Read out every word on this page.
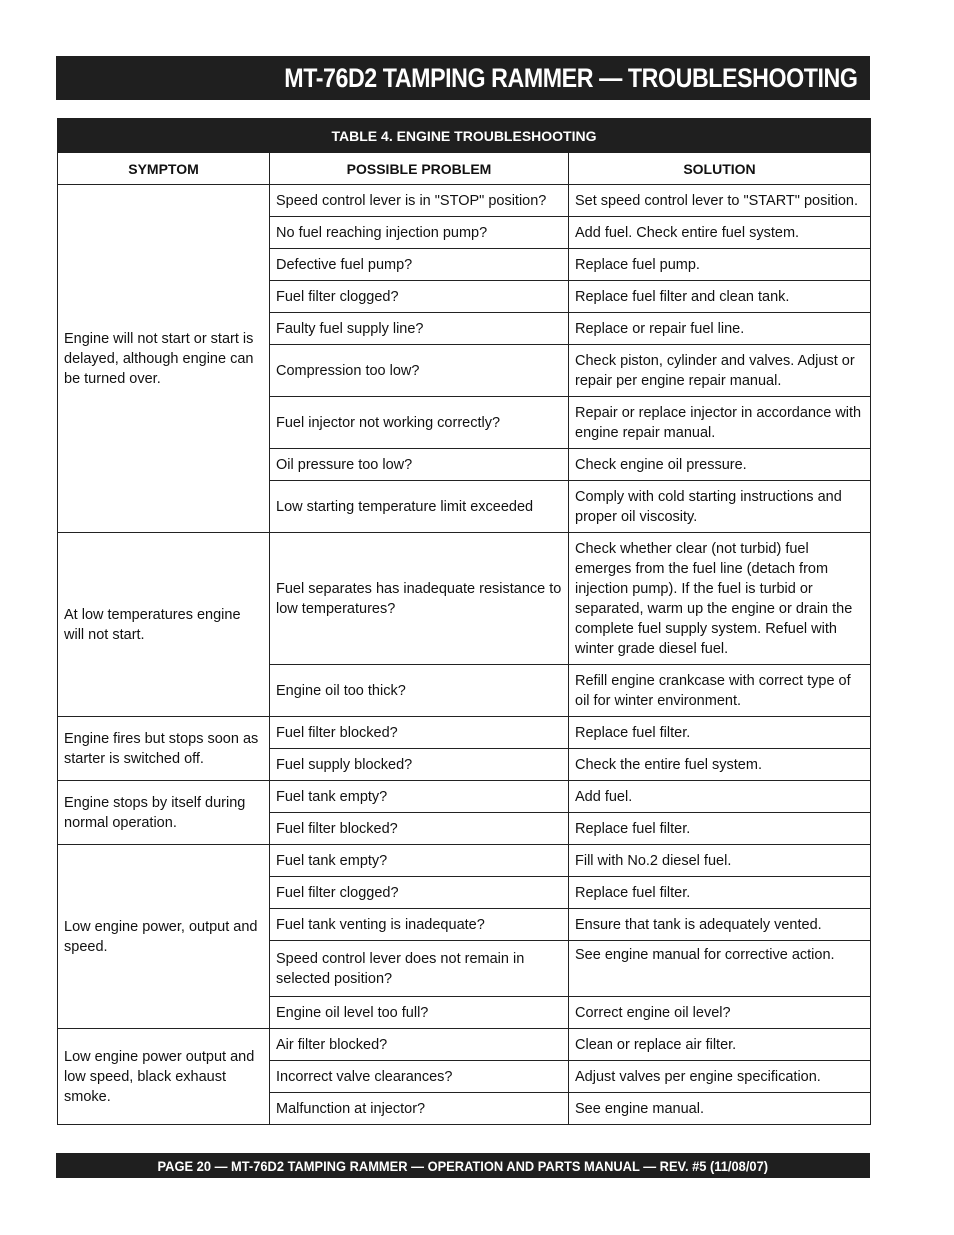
MT-76D2 TAMPING RAMMER — TROUBLESHOOTING
TABLE 4. ENGINE TROUBLESHOOTING		
SYMPTOM	POSSIBLE PROBLEM	SOLUTION
Engine will not start or start is delayed, although engine can be turned over.	Speed control lever is in "STOP" position?	Set speed control lever to "START" position.
	No fuel reaching injection pump?	Add fuel. Check entire fuel system.
	Defective fuel pump?	Replace fuel pump.
	Fuel filter clogged?	Replace fuel filter and clean tank.
	Faulty fuel supply line?	Replace or repair fuel line.
	Compression too low?	Check piston, cylinder and valves. Adjust or repair per engine repair manual.
	Fuel injector not working correctly?	Repair or replace injector in accordance with engine repair manual.
	Oil pressure too low?	Check engine oil pressure.
	Low starting temperature limit exceeded	Comply with cold starting instructions and proper oil viscosity.
At low temperatures engine will not start.	Fuel separates has inadequate resistance to low temperatures?	Check whether clear (not turbid) fuel emerges from the fuel line (detach from injection pump). If the fuel is turbid or separated, warm up the engine or drain the complete fuel supply system. Refuel with winter grade diesel fuel.
	Engine oil too thick?	Refill engine crankcase with correct type of oil for winter environment.
Engine fires but stops soon as starter is switched off.	Fuel filter blocked?	Replace fuel filter.
	Fuel supply blocked?	Check the entire fuel system.
Engine stops by itself during normal operation.	Fuel tank empty?	Add fuel.
	Fuel filter blocked?	Replace fuel filter.
Low engine power, output and speed.	Fuel tank empty?	Fill with No.2 diesel fuel.
	Fuel filter clogged?	Replace fuel filter.
	Fuel tank venting is inadequate?	Ensure that tank is adequately vented.
	Speed control lever does not remain in selected position?	See engine manual for corrective action.
	Engine oil level too full?	Correct engine oil level?
Low engine power output and low speed, black exhaust smoke.	Air filter blocked?	Clean or replace air filter.
	Incorrect valve clearances?	Adjust valves per engine specification.
	Malfunction at injector?	See engine manual.
PAGE 20 — MT-76D2 TAMPING RAMMER — OPERATION AND PARTS MANUAL — REV. #5 (11/08/07)
